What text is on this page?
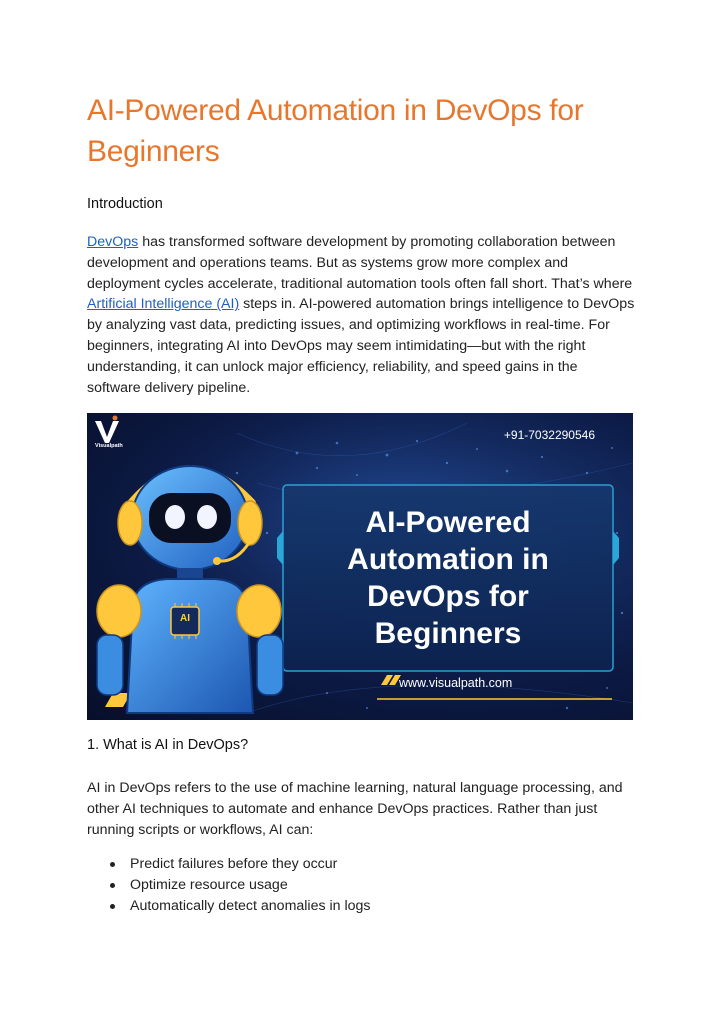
AI-Powered Automation in DevOps for Beginners
Introduction

DevOps has transformed software development by promoting collaboration between development and operations teams. But as systems grow more complex and deployment cycles accelerate, traditional automation tools often fall short. That’s where Artificial Intelligence (AI) steps in. AI-powered automation brings intelligence to DevOps by analyzing vast data, predicting issues, and optimizing workflows in real-time. For beginners, integrating AI into DevOps may seem intimidating—but with the right understanding, it can unlock major efficiency, reliability, and speed gains in the software delivery pipeline.

Visualpath
AI
+91-7032290546
AI-Powered
Automation in
DevOps for
Beginners
www.visualpath.com
1. What is AI in DevOps?

AI in DevOps refers to the use of machine learning, natural language processing, and other AI techniques to automate and enhance DevOps practices. Rather than just running scripts or workflows, AI can:

Predict failures before they occur
Optimize resource usage
Automatically detect anomalies in logs
